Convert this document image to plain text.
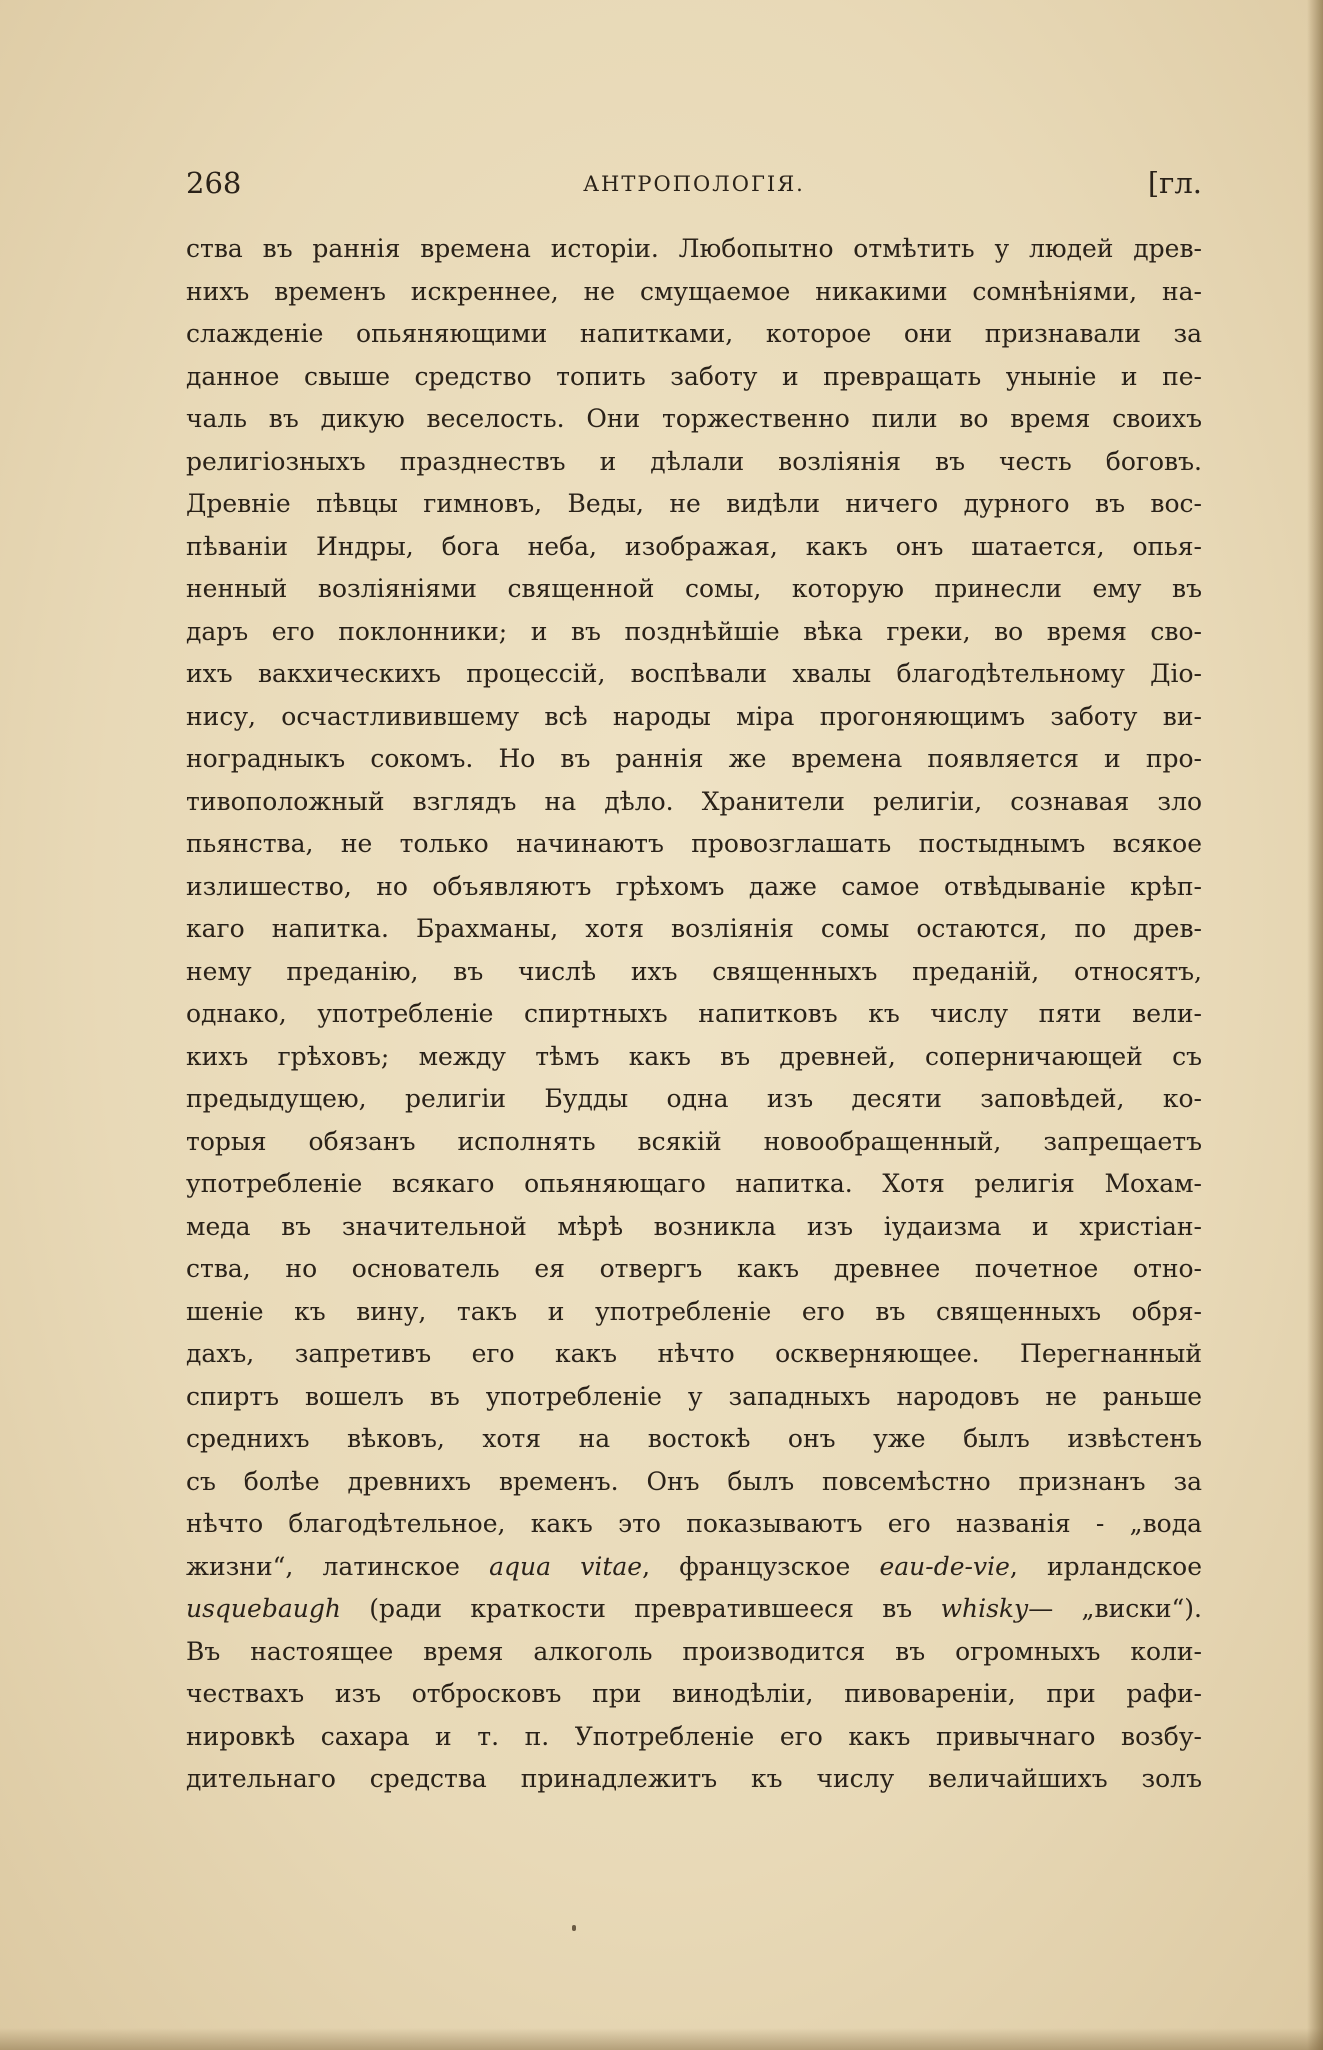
268	АНТРОПОЛОГІЯ.	[гл.
ства въ раннія времена исторіи. Любопытно отмѣтить у людей древ-
нихъ временъ искреннее, не смущаемое никакими сомнѣніями, на-
слажденіе опьяняющими напитками, которое они признавали за
данное свыше средство топить заботу и превращать уныніе и пе-
чаль въ дикую веселость. Они торжественно пили во время своихъ
религіозныхъ празднествъ и дѣлали возліянія въ честь боговъ.
Древніе пѣвцы гимновъ, Веды, не видѣли ничего дурного въ вос-
пѣваніи Индры, бога неба, изображая, какъ онъ шатается, опья-
ненный возліяніями священной сомы, которую принесли ему въ
даръ его поклонники; и въ позднѣйшіе вѣка греки, во время сво-
ихъ вакхическихъ процессій, воспѣвали хвалы благодѣтельному Діо-
нису, осчастливившему всѣ народы міра прогоняющимъ заботу ви-
ноградныкъ сокомъ. Но въ раннія же времена появляется и про-
тивоположный взглядъ на дѣло. Хранители религіи, сознавая зло
пьянства, не только начинаютъ провозглашать постыднымъ всякое
излишество, но объявляютъ грѣхомъ даже самое отвѣдываніе крѣп-
каго напитка. Брахманы, хотя возліянія сомы остаются, по древ-
нему преданію, въ числѣ ихъ священныхъ преданій, относятъ,
однако, употребленіе спиртныхъ напитковъ къ числу пяти вели-
кихъ грѣховъ; между тѣмъ какъ въ древней, соперничающей съ
предыдущею, религіи Будды одна изъ десяти заповѣдей, ко-
торыя обязанъ исполнять всякій новообращенный, запрещаетъ
употребленіе всякаго опьяняющаго напитка. Хотя религія Мохам-
меда въ значительной мѣрѣ возникла изъ іудаизма и христіан-
ства, но основатель ея отвергъ какъ древнее почетное отно-
шеніе къ вину, такъ и употребленіе его въ священныхъ обря-
дахъ, запретивъ его какъ нѣчто оскверняющее. Перегнанный
спиртъ вошелъ въ употребленіе у западныхъ народовъ не раньше
среднихъ вѣковъ, хотя на востокѣ онъ уже былъ извѣстенъ
съ болѣе древнихъ временъ. Онъ былъ повсемѣстно признанъ за
нѣчто благодѣтельное, какъ это показываютъ его названія - „вода
жизни“, латинское aqua vitae, французское eau-de-vie, ирландское
usquebaugh (ради краткости превратившееся въ whisky— „виски“).
Въ настоящее время алкоголь производится въ огромныхъ коли-
чествахъ изъ отбросковъ при винодѣліи, пивовареніи, при рафи-
нировкѣ сахара и т. п. Употребленіе его какъ привычнаго возбу-
дительнаго средства принадлежитъ къ числу величайшихъ золъ
